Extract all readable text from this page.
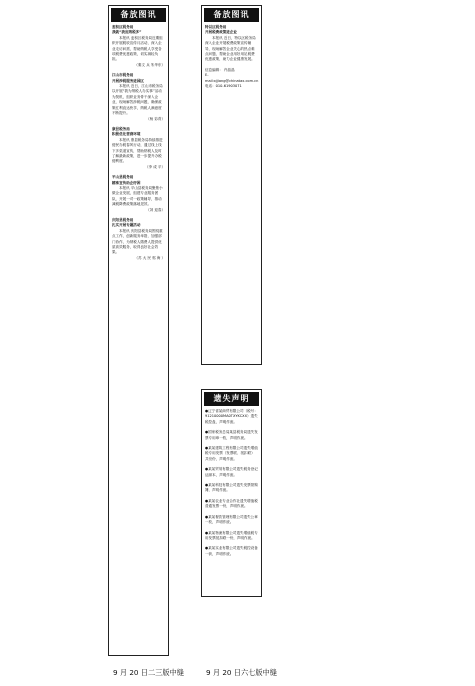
备放图讯
麦积区税务局
我就“我应纳税多”
本报讯 麦积区税务局近期组织开展税收宣传月活动，深入企业走访问需，帮助纳税人享受各项税费优惠政策，切实减轻负担。
（秦文 兵 朱华东）
江山市税务局
开展涉税服务进园区
本报讯 近日，江山市税务局以开展“我为纳税人办实事”活动为契机，组织业务骨干深入企业，现场解答涉税问题，确保政策红利直达快享，纳税人满意度不断提升。
（杨 彩青）
康县税务局
积极优化营商环境
本报讯 康县税务局持续推进便民办税春风行动，通过线上线下多渠道宣传，帮助纳税人及时了解最新政策，进一步提升办税便利度。
（李 成 平）
平山县税务局
精准宣传助企纾困
本报讯 平山县税务局聚焦小微企业发展，组建专业服务团队，开展一对一政策辅导，推动减税降费政策落地见效。
（刘 迎春）
庆阳县税务局
扎实开展专题活动
本报讯 庆阳县税务局围绕重点工作，创新服务举措，加强部门协作，为纳税人缴费人提供优质高效服务，取得良好社会效果。
（苏 大 民 郭 海 ）
备放图讯
特以区税务局
开展税费政策进企业
本报讯 近日，特以区税务局深入企业开展税费政策宣传辅导，现场解答企业关心的热点难点问题，帮助企业用好用足税费优惠政策，助力企业健康发展。
信息编辑： 许晶晶
E-mail:xjjiang@chinatax.com.cn
电话：010-61903071
遗失声明
●辽宁省某商贸有限公司（税号：91210000MA0TXYKCXX）遗失税控盘，声明作废。
●国家税务总局某县税务局遗失发票专用章一枚，声明作废。
●某某建筑工程有限公司遗失增值税专用发票（发票联、抵扣联）共叁份，声明作废。
●某某贸易有限公司遗失税务登记证副本，声明作废。
●某某科技有限公司遗失发票领购簿，声明作废。
●某某农业专业合作社遗失增值税普通发票一份，声明作废。
●某某餐饮管理有限公司遗失公章一枚，声明作废。
●某某物流有限公司遗失增值税专用发票抵扣联一份，声明作废。
●某某实业有限公司遗失税控设备一套，声明作废。
9 月 20 日二三版中缝	9 月 20 日六七版中缝
